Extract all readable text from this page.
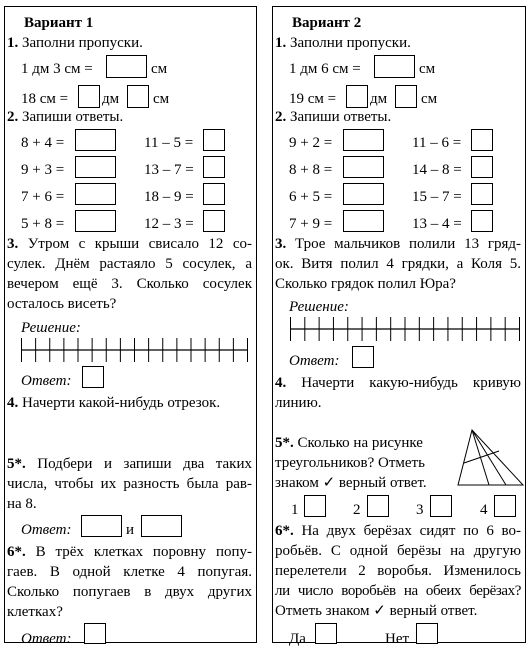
Вариант 1
1. Заполни пропуски.
1 дм 3 см =	см
18 см = дм см
2. Запиши ответы.
8 + 4 =	11 – 5 =
9 + 3 =	13 – 7 =
7 + 6 =	18 – 9 =
5 + 8 =	12 – 3 =
3. Утром с крыши свисало 12 со-
сулек. Днём растаяло 5 сосулек, а
вечером ещё 3. Сколько сосулек
осталось висеть?
Решение:
Ответ:
4. Начерти какой-нибудь отрезок.
5*. Подбери и запиши два таких
числа, чтобы их разность была рав-
на 8.
Ответ:	и
6*. В трёх клетках поровну попу-
гаев. В одной клетке 4 попугая.
Сколько попугаев в двух других
клетках?
Ответ:
Вариант 2
1. Заполни пропуски.
1 дм 6 см =	см
19 см = дм см
2. Запиши ответы.
9 + 2 =	11 – 6 =
8 + 8 =	14 – 8 =
6 + 5 =	15 – 7 =
7 + 9 =	13 – 4 =
3. Трое мальчиков полили 13 гряд-
ок. Витя полил 4 грядки, а Коля 5.
Сколько грядок полил Юра?
Решение:
Ответ:
4. Начерти какую-нибудь кривую
линию.
5*. Сколько на рисунке
треугольников? Отметь
знаком ✓ верный ответ.
1	2	3	4
6*. На двух берёзах сидят по 6 во-
робьёв. С одной берёзы на другую
перелетели 2 воробья. Изменилось
ли число воробьёв на обеих берёзах?
Отметь знаком ✓ верный ответ.
Да	Нет
